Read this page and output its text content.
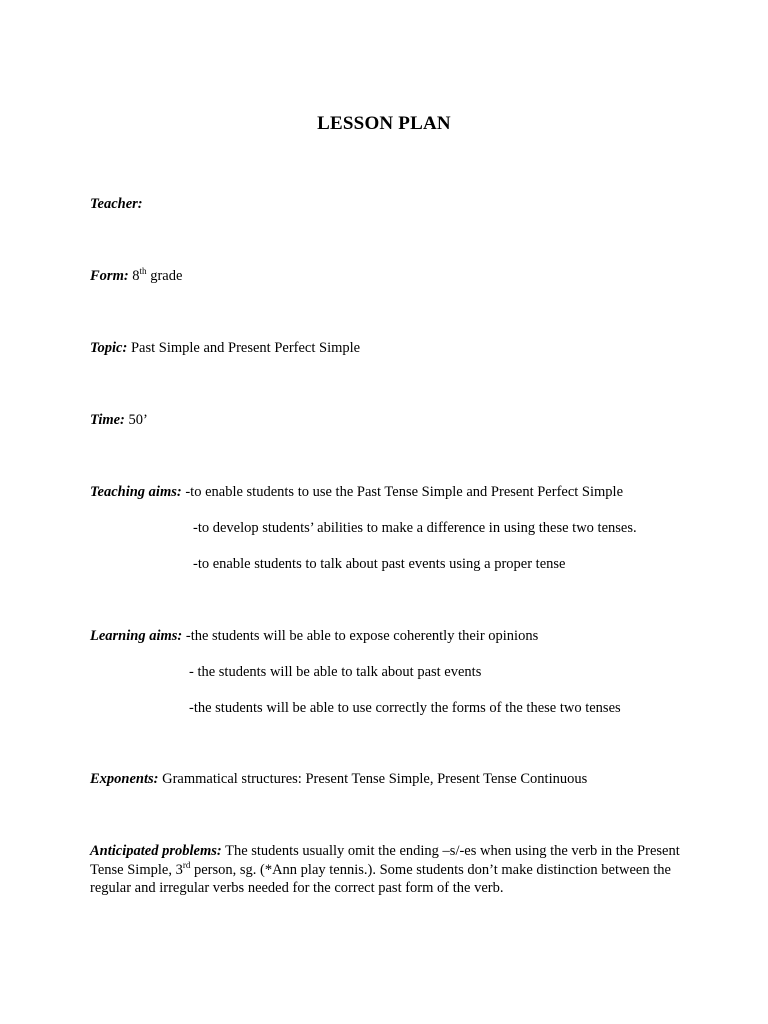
LESSON PLAN
Teacher:
Form: 8th grade
Topic: Past Simple and Present Perfect Simple
Time: 50’
Teaching aims: -to enable students to use the Past Tense Simple and Present Perfect Simple
-to develop students’ abilities to make a difference in using these two tenses.
-to enable students to talk about past events using a proper tense
Learning aims: -the students will be able to expose coherently their opinions
- the students will be able to talk about past events
-the students will be able to use correctly the forms of the these two tenses
Exponents: Grammatical structures: Present Tense Simple, Present Tense Continuous
Anticipated problems: The students usually omit the ending –s/-es when using the verb in the Present Tense Simple, 3rd person, sg. (*Ann play tennis.). Some students don’t make distinction between the regular and irregular verbs needed for the correct past form of the verb.
